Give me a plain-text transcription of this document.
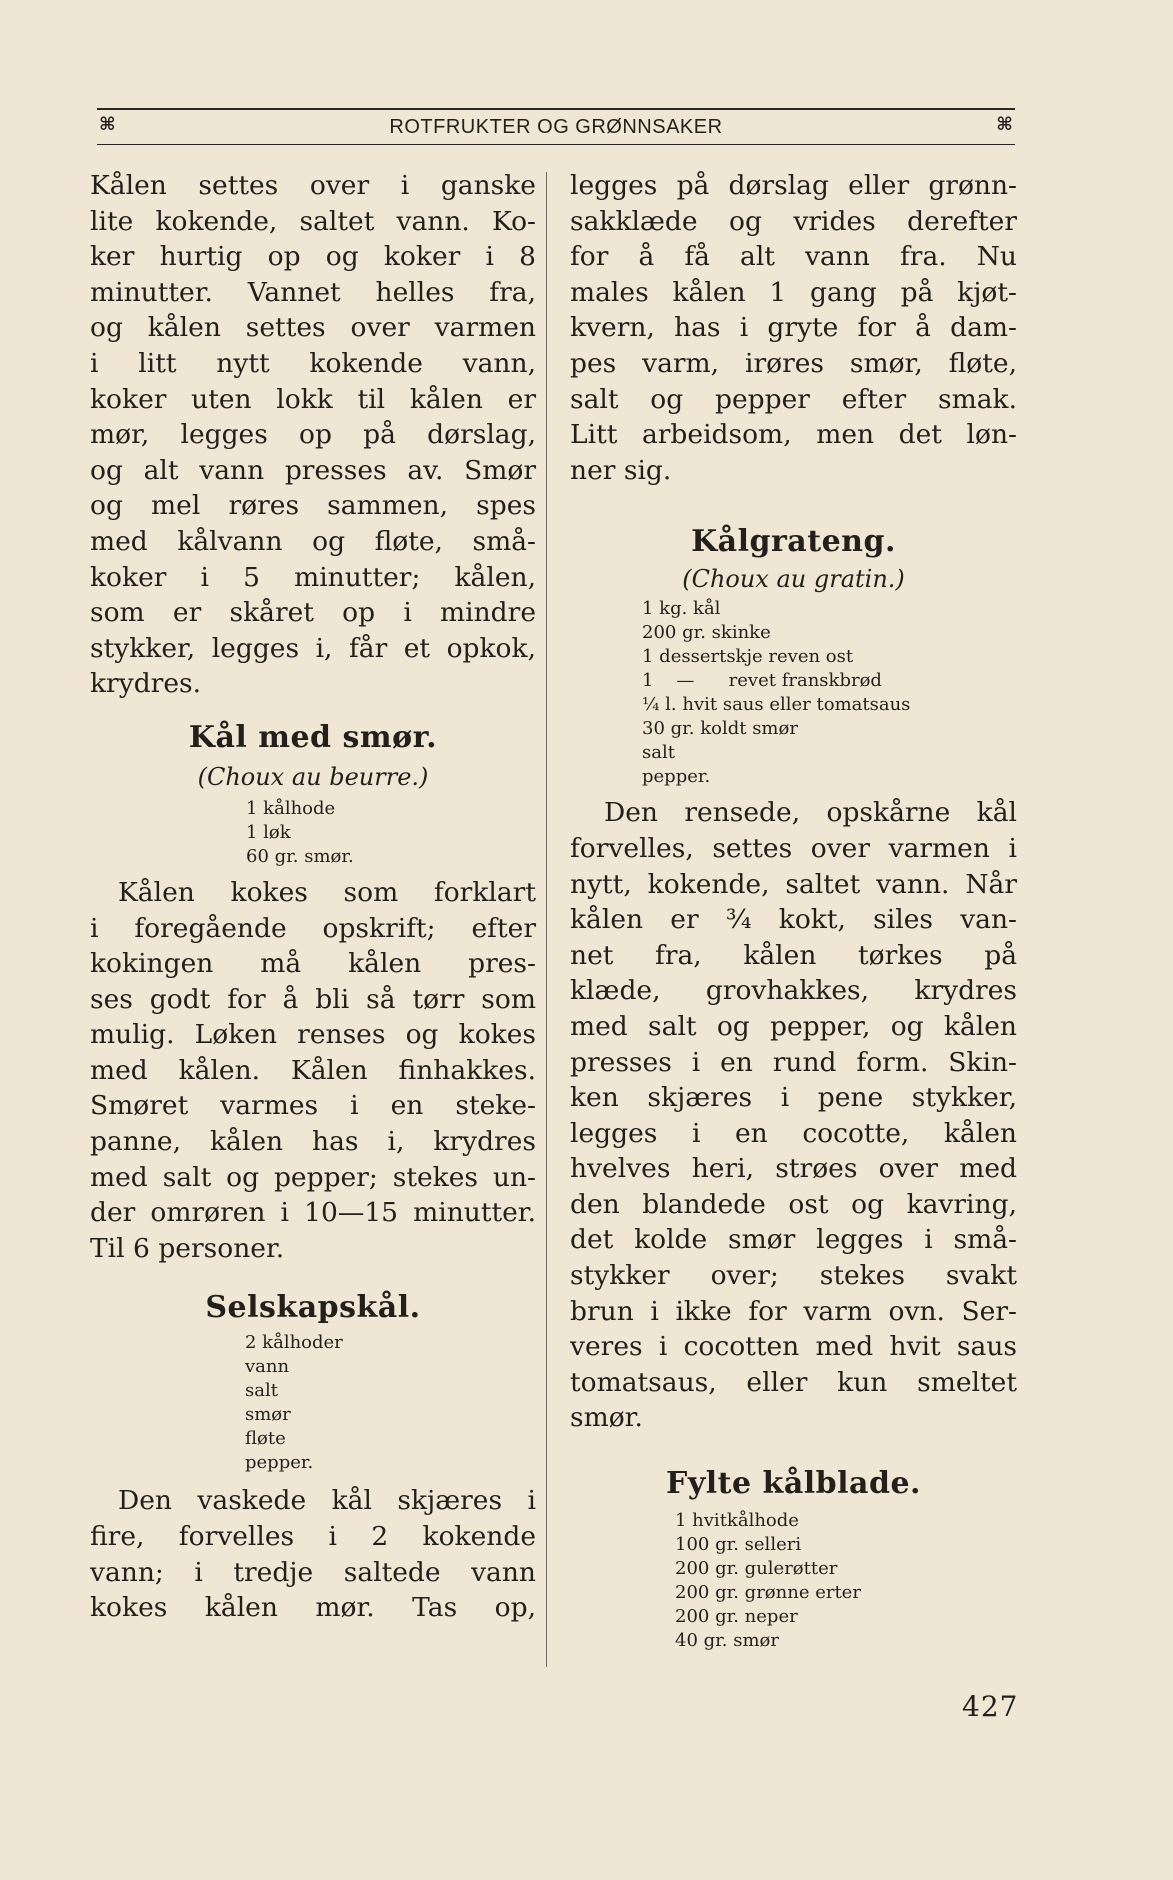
⌘	ROTFRUKTER OG GRØNNSAKER	⌘
Kålen settes over i ganske
lite kokende, saltet vann. Ko-
ker hurtig op og koker i 8
minutter. Vannet helles fra,
og kålen settes over varmen
i litt nytt kokende vann,
koker uten lokk til kålen er
mør, legges op på dørslag,
og alt vann presses av. Smør
og mel røres sammen, spes
med kålvann og fløte, små-
koker i 5 minutter; kålen,
som er skåret op i mindre
stykker, legges i, får et opkok,
krydres.
Kål med smør.

(Choux au beurre.)

1 kålhode
1 løk
60 gr. smør.
Kålen kokes som forklart
i foregående opskrift; efter
kokingen må kålen pres-
ses godt for å bli så tørr som
mulig. Løken renses og kokes
med kålen. Kålen finhakkes.
Smøret varmes i en steke-
panne, kålen has i, krydres
med salt og pepper; stekes un-
der omrøren i 10—15 minutter.
Til 6 personer.
Selskapskål.
2 kålhoder
vann
salt
smør
fløte
pepper.
Den vaskede kål skjæres i
fire, forvelles i 2 kokende
vann; i tredje saltede vann
kokes kålen mør. Tas op,
legges på dørslag eller grønn-
sakklæde og vrides derefter
for å få alt vann fra. Nu
males kålen 1 gang på kjøt-
kvern, has i gryte for å dam-
pes varm, irøres smør, fløte,
salt og pepper efter smak.
Litt arbeidsom, men det løn-
ner sig.
Kålgrateng.

(Choux au gratin.)

1 kg. kål
200 gr. skinke
1 dessertskje reven ost
1    —      revet franskbrød
¼ l. hvit saus eller tomatsaus
30 gr. koldt smør
salt
pepper.
Den rensede, opskårne kål
forvelles, settes over varmen i
nytt, kokende, saltet vann. Når
kålen er ¾ kokt, siles van-
net fra, kålen tørkes på
klæde, grovhakkes, krydres
med salt og pepper, og kålen
presses i en rund form. Skin-
ken skjæres i pene stykker,
legges i en cocotte, kålen
hvelves heri, strøes over med
den blandede ost og kavring,
det kolde smør legges i små-
stykker over; stekes svakt
brun i ikke for varm ovn. Ser-
veres i cocotten med hvit saus
tomatsaus, eller kun smeltet
smør.
Fylte kålblade.
1 hvitkålhode
100 gr. selleri
200 gr. gulerøtter
200 gr. grønne erter
200 gr. neper
40 gr. smør
427
